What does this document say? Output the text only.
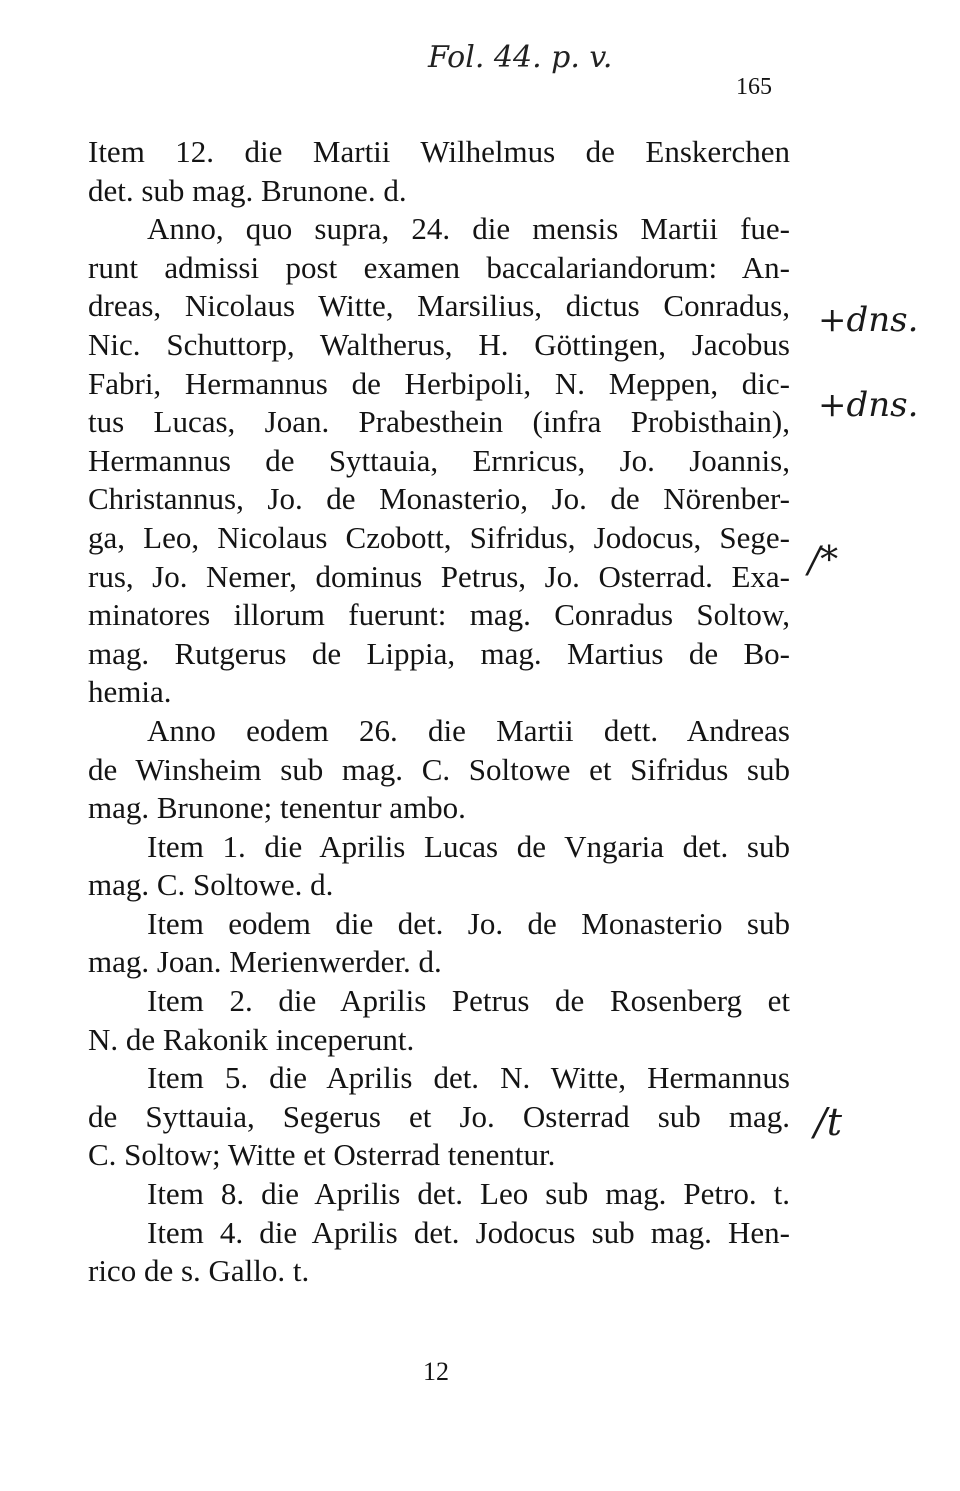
Fol. 44. p. v.
165
Item 12. die Martii Wilhelmus de Enskerchen
det. sub mag. Brunone. d.
Anno, quo supra, 24. die mensis Martii fue-
runt admissi post examen baccalariandorum: An-
dreas, Nicolaus Witte, Marsilius, dictus Conradus,
Nic. Schuttorp, Waltherus, H. Göttingen, Jacobus
Fabri, Hermannus de Herbipoli, N. Meppen, dic-
tus Lucas, Joan. Prabesthein (infra Probisthain),
Hermannus de Syttauia, Ernricus, Jo. Joannis,
Christannus, Jo. de Monasterio, Jo. de Nörenber-
ga, Leo, Nicolaus Czobott, Sifridus, Jodocus, Sege-
rus, Jo. Nemer, dominus Petrus, Jo. Osterrad. Exa-
minatores illorum fuerunt: mag. Conradus Soltow,
mag. Rutgerus de Lippia, mag. Martius de Bo-
hemia.
Anno eodem 26. die Martii dett. Andreas
de Winsheim sub mag. C. Soltowe et Sifridus sub
mag. Brunone; tenentur ambo.
Item 1. die Aprilis Lucas de Vngaria det. sub
mag. C. Soltowe. d.
Item eodem die det. Jo. de Monasterio sub
mag. Joan. Merienwerder. d.
Item 2. die Aprilis Petrus de Rosenberg et
N. de Rakonik inceperunt.
Item 5. die Aprilis det. N. Witte, Hermannus
de Syttauia, Segerus et Jo. Osterrad sub mag.
C. Soltow; Witte et Osterrad tenentur.
Item 8. die Aprilis det. Leo sub mag. Petro. t.
Item 4. die Aprilis det. Jodocus sub mag. Hen-
rico de s. Gallo. t.
+dns.
+dns.
/*
/t
12
